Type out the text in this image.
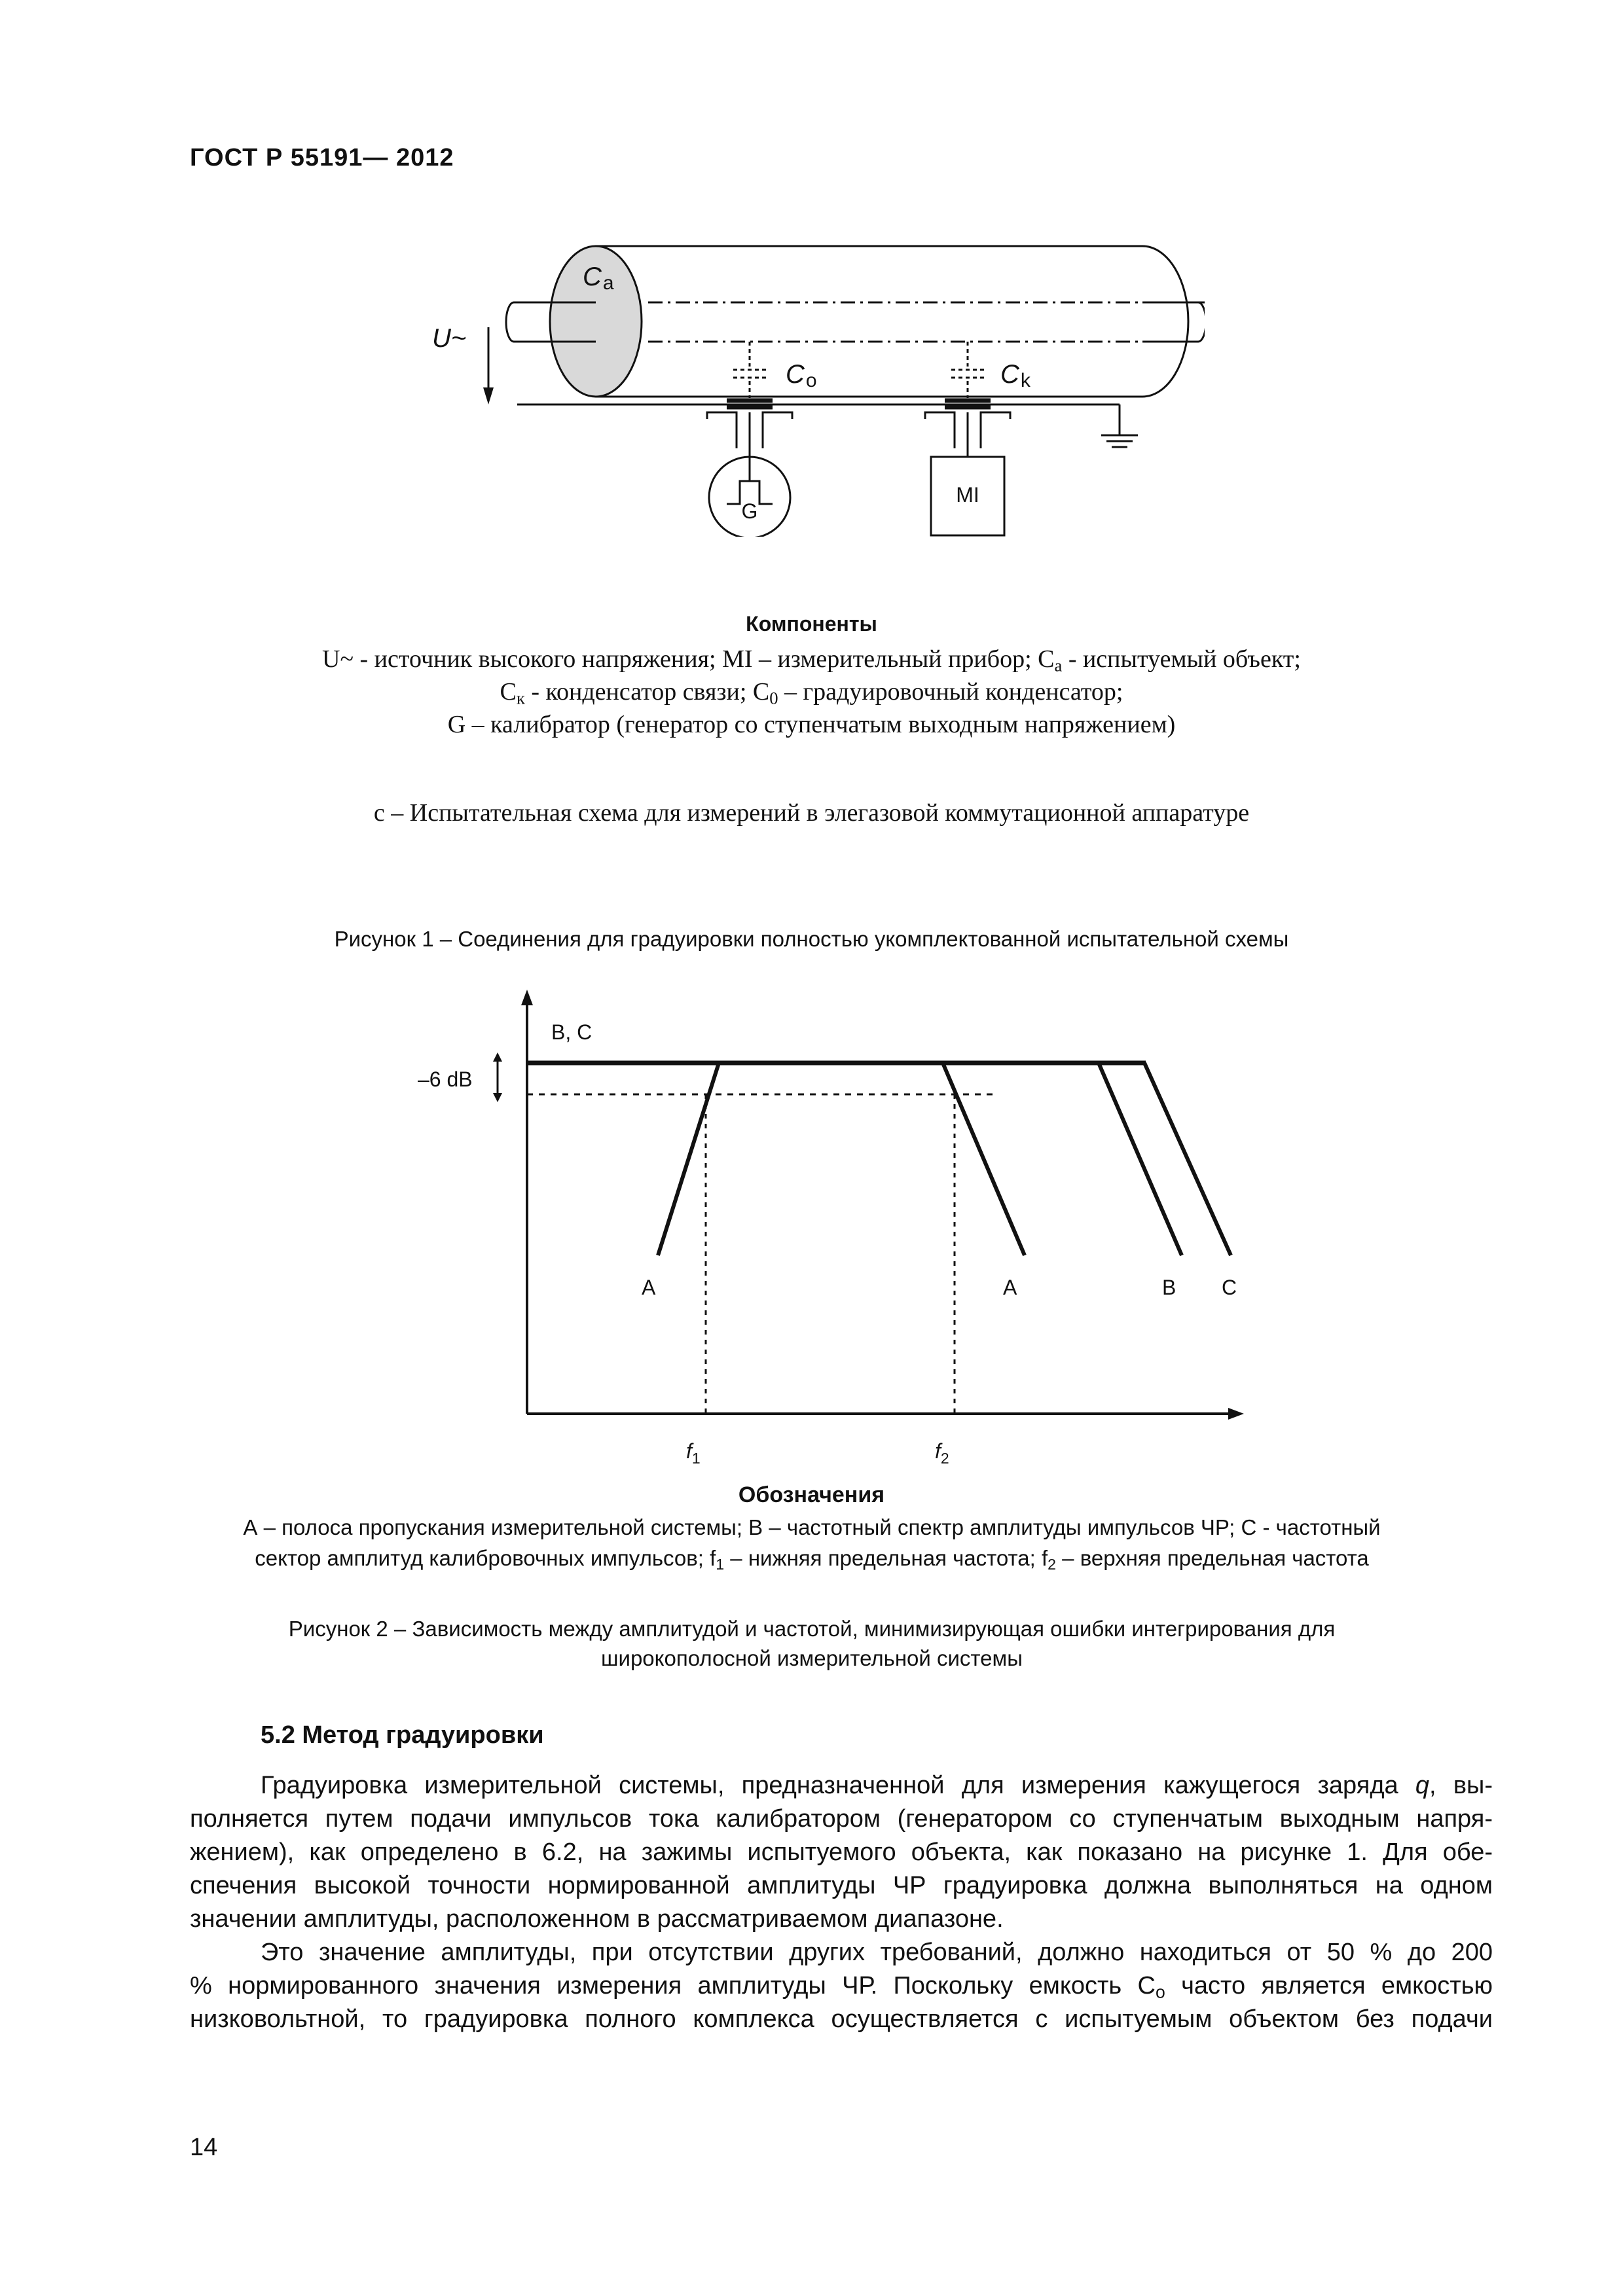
ГОСТ Р 55191— 2012
Ca
U~
Co	Ck
G
MI
Компоненты
U~ - источник высокого напряжения; MI – измерительный прибор; $C_a$ - испытуемый объект;
$C_к$ - конденсатор связи; $C_0$ – градуировочный конденсатор;
G – калибратор (генератор со ступенчатым выходным напряжением)
с – Испытательная схема для измерений в элегазовой коммутационной аппаратуре
Рисунок 1 – Соединения для градуировки полностью укомплектованной испытательной схемы
B, C
–6 dB
A	A	B C
$f_1$	$f_2$
Обозначения
А – полоса пропускания измерительной системы; В – частотный спектр амплитуды импульсов ЧР; С - частотный
сектор амплитуд калибровочных импульсов; $f_1$ – нижняя предельная частота; $f_2$ – верхняя предельная частота
Рисунок 2 – Зависимость между амплитудой и частотой, минимизирующая ошибки интегрирования для
широкополосной измерительной системы
5.2 Метод градуировки
Градуировка измерительной системы, предназначенной для измерения кажущегося заряда q, вы-
полняется путем подачи импульсов тока калибратором (генератором со ступенчатым выходным напря-
жением), как определено в 6.2, на зажимы испытуемого объекта, как показано на рисунке 1. Для обе-
спечения высокой точности нормированной амплитуды ЧР градуировка должна выполняться на одном
значении амплитуды, расположенном в рассматриваемом диапазоне.
Это значение амплитуды, при отсутствии других требований, должно находиться от 50 % до 200
% нормированного значения измерения амплитуды ЧР. Поскольку емкость $С_о$ часто является емкостью
низковольтной, то градуировка полного комплекса осуществляется с испытуемым объектом без подачи
14
